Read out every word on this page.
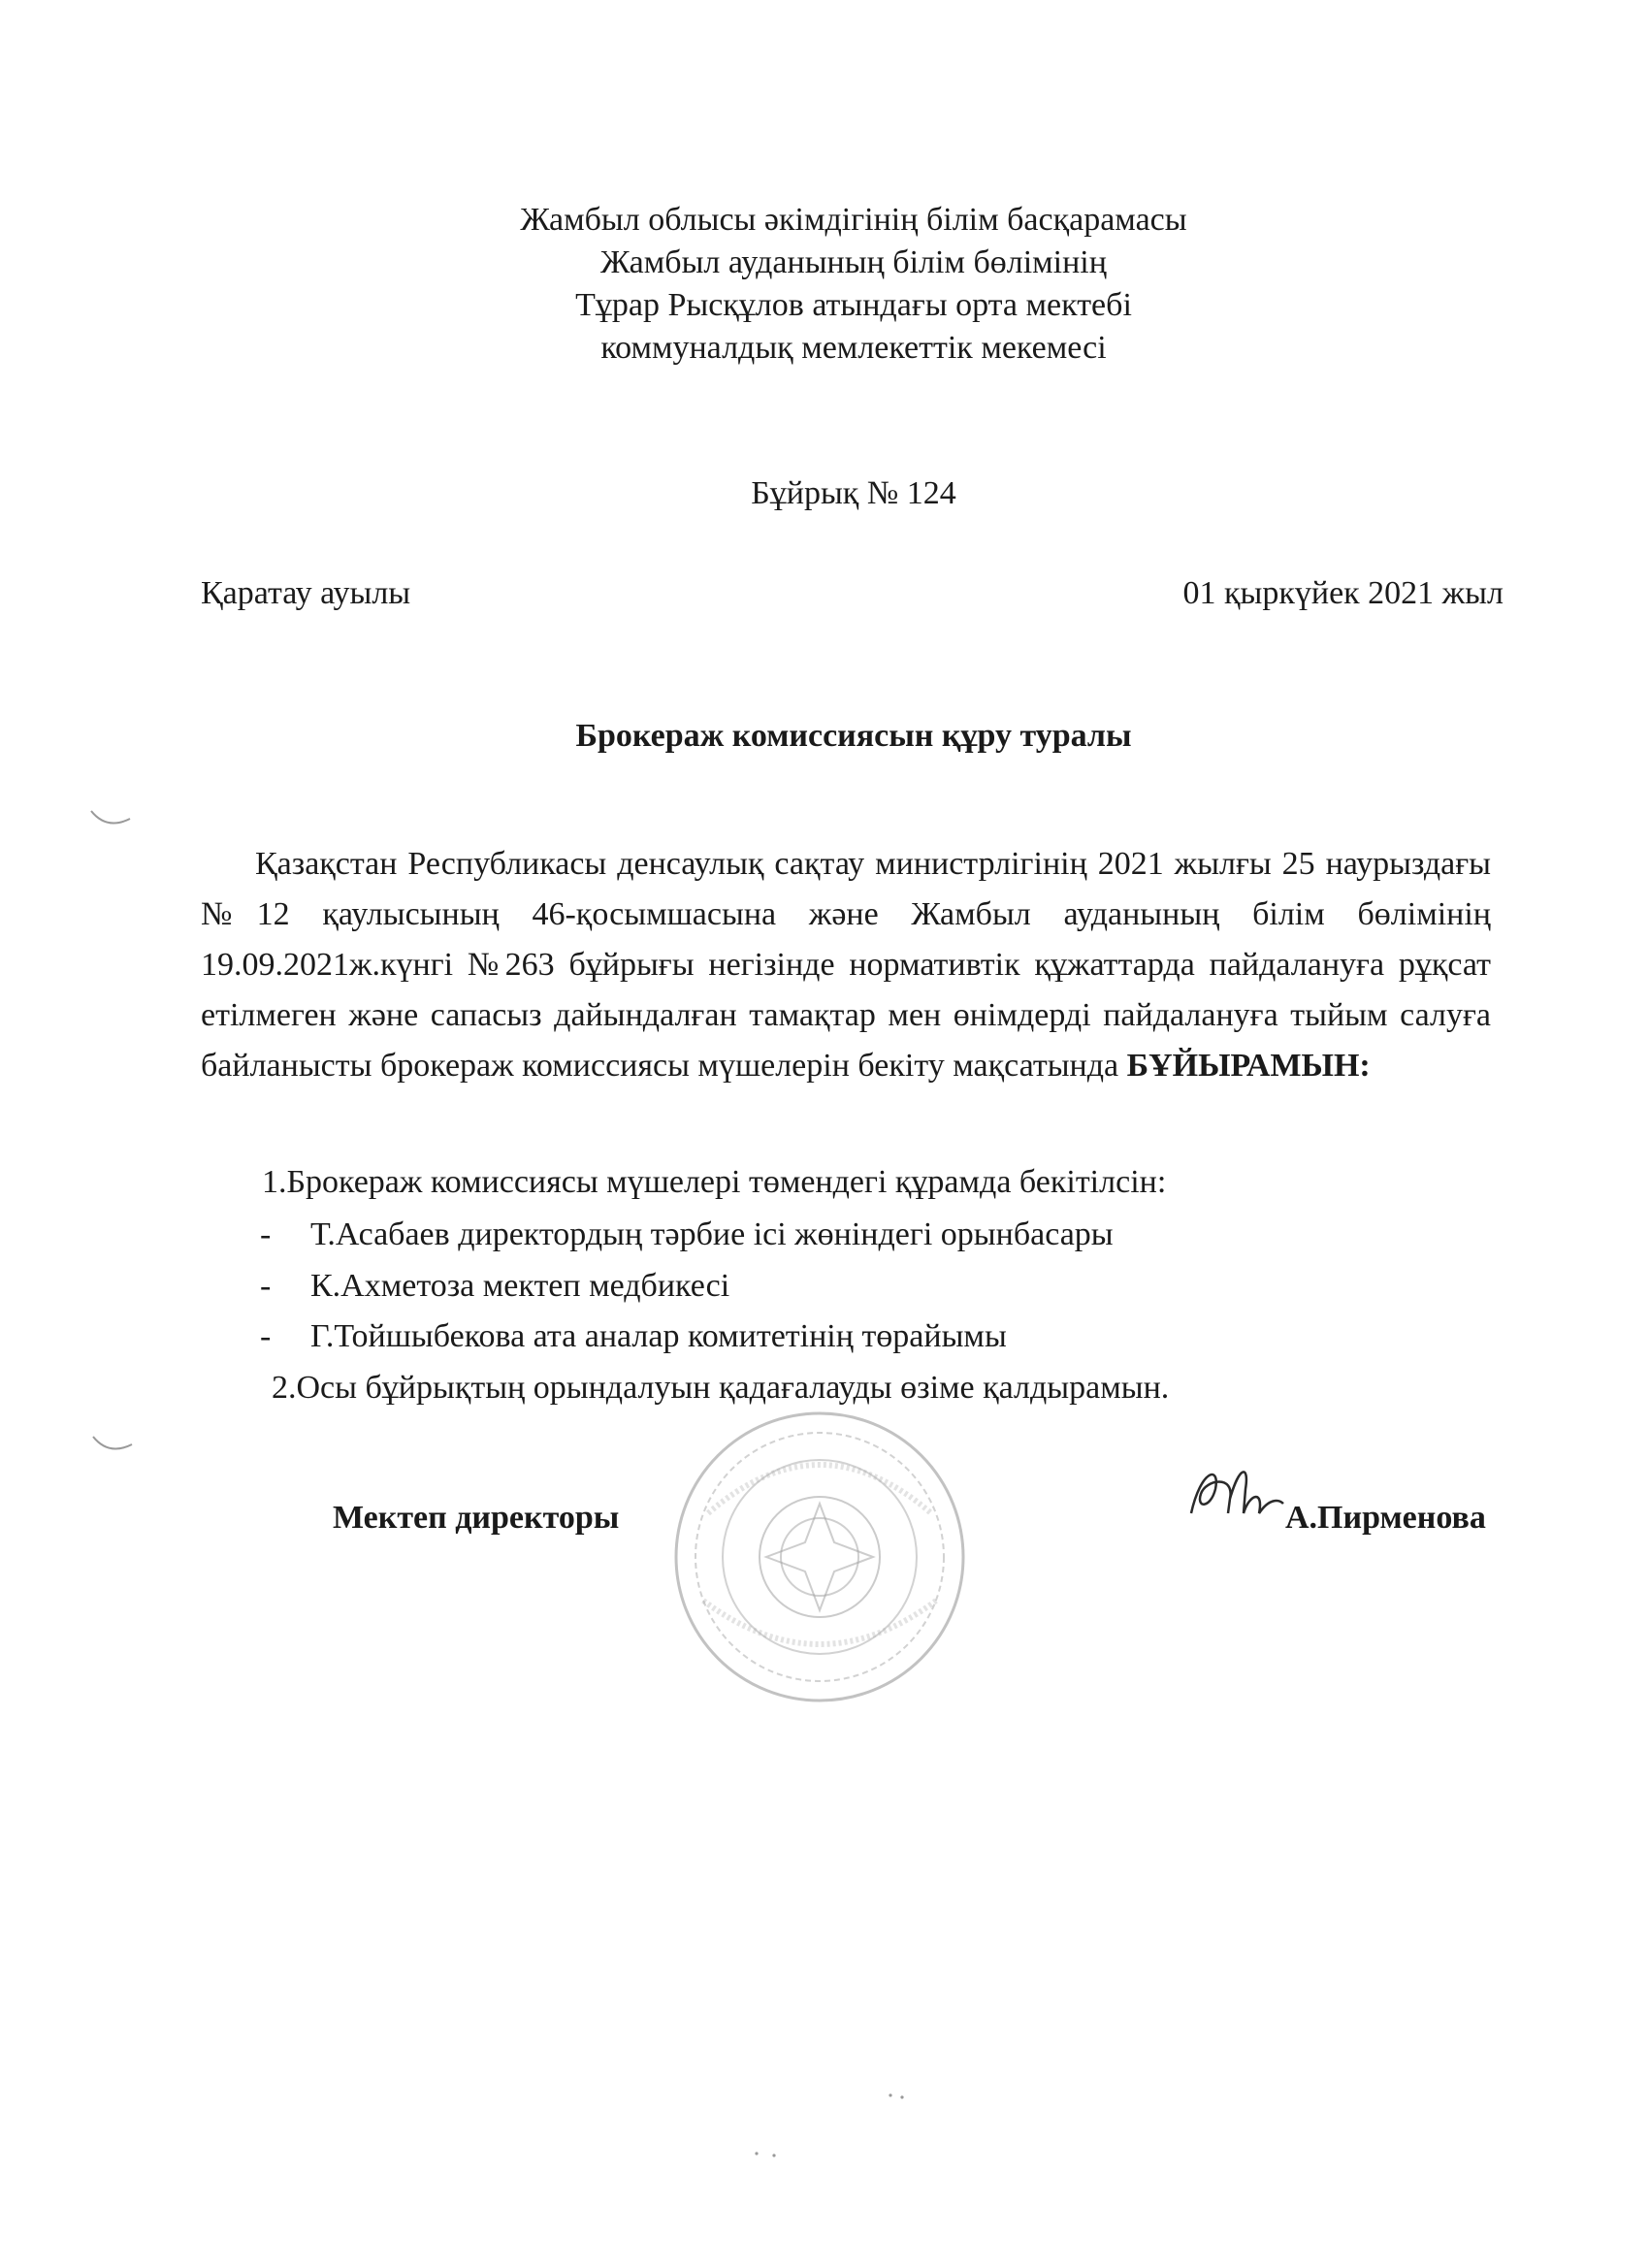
Жамбыл облысы әкімдігінің білім басқарамасы
Жамбыл ауданының білім бөлімінің
Тұрар Рысқұлов атындағы орта мектебі
коммуналдық мемлекеттік мекемесі
Бұйрық № 124
Қаратау ауылы	01 қыркүйек 2021 жыл
Брокераж комиссиясын құру туралы
Қазақстан Республикасы денсаулық сақтау министрлігінің 2021 жылғы 25 наурыздағы №12 қаулысының 46-қосымшасына және Жамбыл ауданының білім бөлімінің 19.09.2021ж.күнгі №263 бұйрығы негізінде нормативтік құжаттарда пайдалануға рұқсат етілмеген және сапасыз дайындалған тамақтар мен өнімдерді пайдалануға тыйым салуға байланысты брокераж комиссиясы мүшелерін бекіту мақсатында БҰЙЫРАМЫН:
1.Брокераж комиссиясы мүшелері төмендегі құрамда бекітілсін:
- Т.Асабаев директордың тәрбие ісі жөніндегі орынбасары
- К.Ахметоза мектеп медбикесі
- Г.Тойшыбекова ата аналар комитетінің төрайымы
2.Осы бұйрықтың орындалуын қадағалауды өзіме қалдырамын.
Мектеп директоры	А.Пирменова
